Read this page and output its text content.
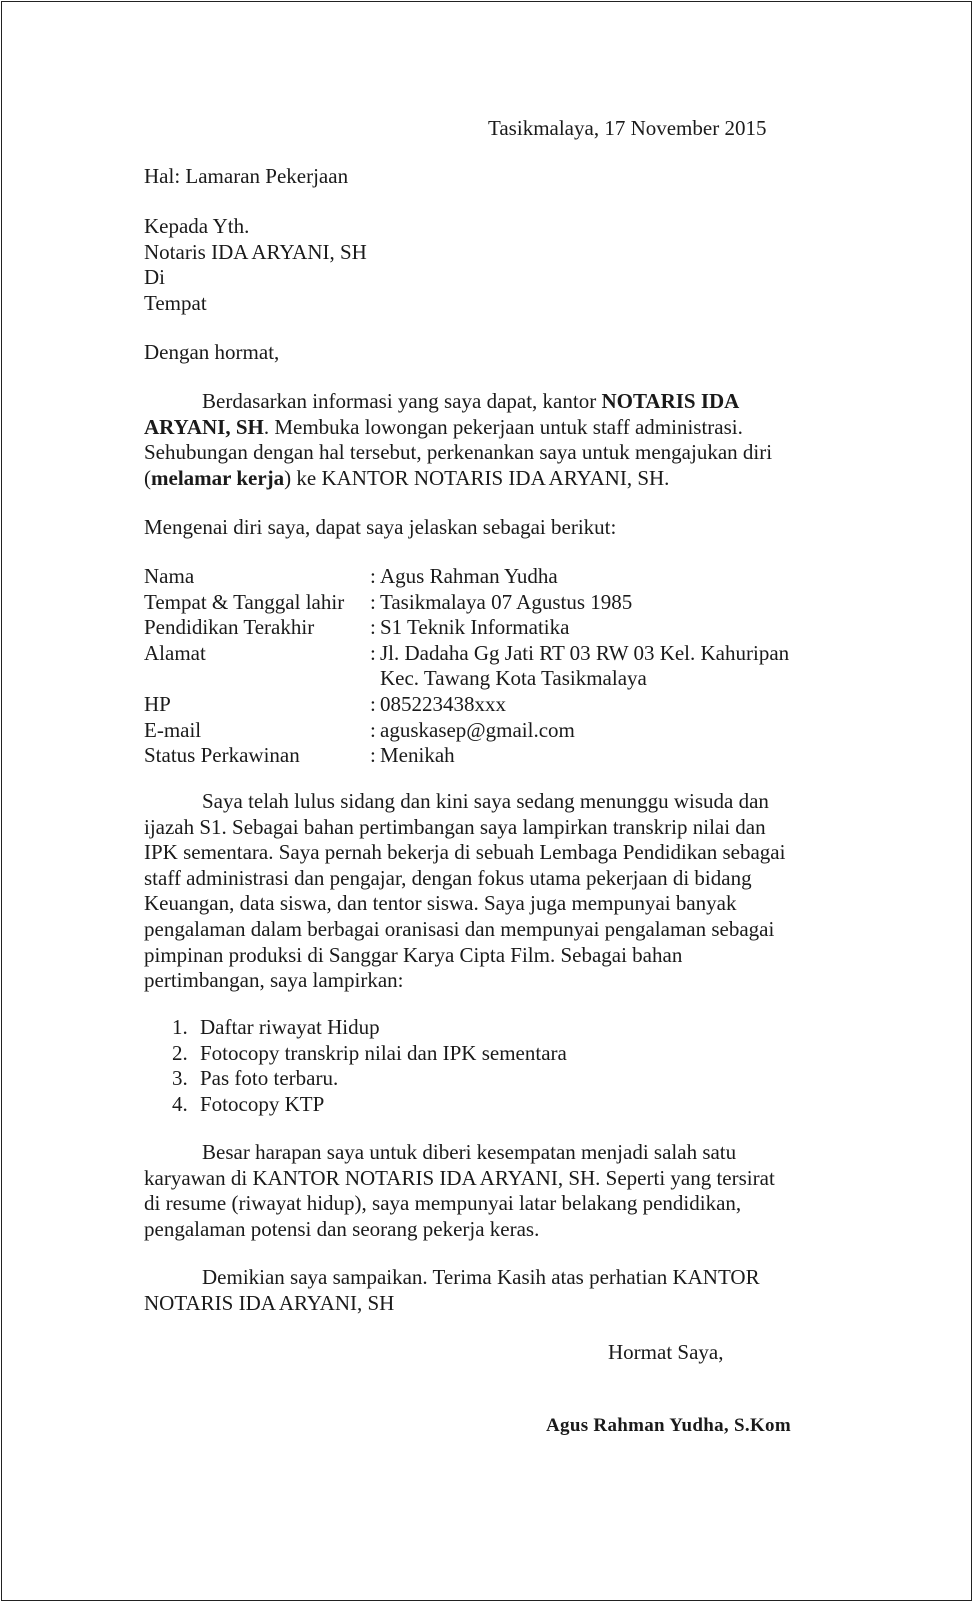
Tasikmalaya, 17 November 2015
Hal: Lamaran Pekerjaan
Kepada Yth.
Notaris IDA ARYANI, SH
Di
Tempat
Dengan hormat,
Berdasarkan informasi yang saya dapat, kantor NOTARIS IDA
ARYANI, SH. Membuka lowongan pekerjaan untuk staff administrasi.
Sehubungan dengan hal tersebut, perkenankan saya untuk mengajukan diri
(melamar kerja) ke KANTOR NOTARIS IDA ARYANI, SH.
Mengenai diri saya, dapat saya jelaskan sebagai berikut:
Nama	: Agus Rahman Yudha
Tempat & Tanggal lahir	: Tasikmalaya 07 Agustus 1985
Pendidikan Terakhir	: S1 Teknik Informatika
Alamat	: Jl. Dadaha Gg Jati RT 03 RW 03 Kel. Kahuripan
Kec. Tawang Kota Tasikmalaya
HP	: 085223438xxx
E-mail	: aguskasep@gmail.com
Status Perkawinan	: Menikah
Saya telah lulus sidang dan kini saya sedang menunggu wisuda dan
ijazah S1. Sebagai bahan pertimbangan saya lampirkan transkrip nilai dan
IPK sementara. Saya pernah bekerja di sebuah Lembaga Pendidikan sebagai
staff administrasi dan pengajar, dengan fokus utama pekerjaan di bidang
Keuangan, data siswa, dan tentor siswa. Saya juga mempunyai banyak
pengalaman dalam berbagai oranisasi dan mempunyai pengalaman sebagai
pimpinan produksi di Sanggar Karya Cipta Film. Sebagai bahan
pertimbangan, saya lampirkan:
1. Daftar riwayat Hidup
2. Fotocopy transkrip nilai dan IPK sementara
3. Pas foto terbaru.
4. Fotocopy KTP
Besar harapan saya untuk diberi kesempatan menjadi salah satu
karyawan di KANTOR NOTARIS IDA ARYANI, SH. Seperti yang tersirat
di resume (riwayat hidup), saya mempunyai latar belakang pendidikan,
pengalaman potensi dan seorang pekerja keras.
Demikian saya sampaikan. Terima Kasih atas perhatian KANTOR
NOTARIS IDA ARYANI, SH
Hormat Saya,
Agus Rahman Yudha, S.Kom
